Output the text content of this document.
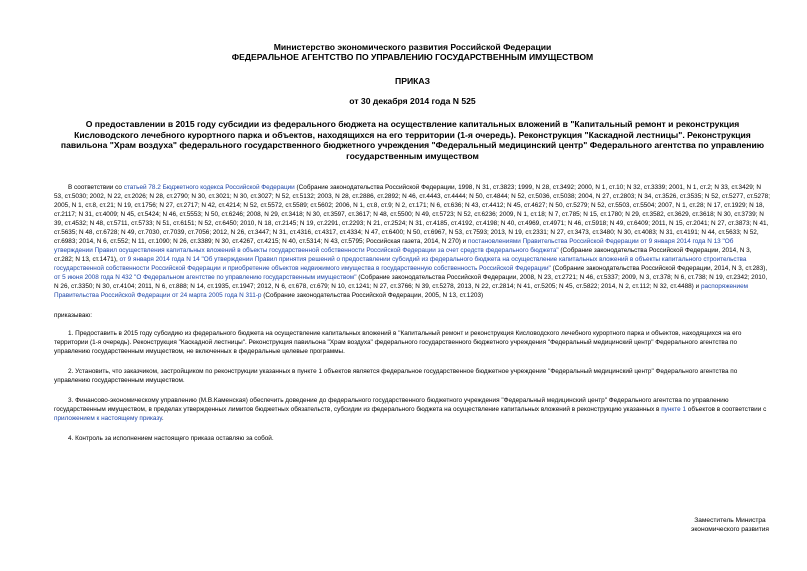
Министерство экономического развития Российской Федерации
ФЕДЕРАЛЬНОЕ АГЕНТСТВО ПО УПРАВЛЕНИЮ ГОСУДАРСТВЕННЫМ ИМУЩЕСТВОМ
ПРИКАЗ
от 30 декабря 2014 года N 525
О предоставлении в 2015 году субсидии из федерального бюджета на осуществление капитальных вложений в "Капитальный ремонт и реконструкция Кисловодского лечебного курортного парка и объектов, находящихся на его территории (1-я очередь). Реконструкция "Каскадной лестницы". Реконструкция павильона "Храм воздуха" федерального государственного бюджетного учреждения "Федеральный медицинский центр" Федерального агентства по управлению государственным имуществом

В соответствии со статьей 78.2 Бюджетного кодекса Российской Федерации (Собрание законодательства Российской Федерации, 1998, N 31, ст.3823; 1999, N 28, ст.3492; 2000, N 1, ст.10; N 32, ст.3339; 2001, N 1, ст.2; N 33, ст.3429; N 53, ст.5030; 2002, N 22, ст.2026; N 28, ст.2790; N 30, ст.3021; N 30, ст.3027; N 52, ст.5132; 2003, N 28, ст.2886, ст.2892; N 46, ст.4443, ст.4444; N 50, ст.4844; N 52, ст.5036, ст.5038; 2004, N 27, ст.2803; N 34, ст.3526, ст.3535; N 52, ст.5277, ст.5278; 2005, N 1, ст.8, ст.21; N 19, ст.1756; N 27, ст.2717; N 42, ст.4214; N 52, ст.5572, ст.5589; ст.5602; 2006, N 1, ст.8, ст.9; N 2, ст.171; N 6, ст.636; N 43, ст.4412; N 45, ст.4627; N 50, ст.5279; N 52, ст.5503, ст.5504; 2007, N 1, ст.28; N 17, ст.1929; N 18, ст.2117; N 31, ст.4009; N 45, ст.5424; N 46, ст.5553; N 50, ст.6246; 2008, N 29, ст.3418; N 30, ст.3597, ст.3617; N 48, ст.5500; N 49, ст.5723; N 52, ст.6236; 2009, N 1, ст.18; N 7, ст.785; N 15, ст.1780; N 29, ст.3582, ст.3629, ст.3618; N 30, ст.3739; N 39, ст.4532; N 48, ст.5711, ст.5733; N 51, ст.6151; N 52, ст.6450; 2010, N 18, ст.2145; N 19, ст.2291, ст.2293; N 21, ст.2524; N 31, ст.4185, ст.4192, ст.4198; N 40, ст.4969, ст.4971; N 46, ст.5918; N 49, ст.6409; 2011, N 15, ст.2041; N 27, ст.3873; N 41, ст.5635; N 48, ст.6728; N 49, ст.7030, ст.7039, ст.7056; 2012, N 26, ст.3447; N 31, ст.4316, ст.4317, ст.4334; N 47, ст.6400; N 50, ст.6967, N 53, ст.7593; 2013, N 19, ст.2331; N 27, ст.3473, ст.3480; N 30, ст.4083; N 31, ст.4191; N 44, ст.5633; N 52, ст.6983; 2014, N 6, ст.552; N 11, ст.1090; N 26, ст.3389; N 30, ст.4267, ст.4215; N 40, ст.5314; N 43, ст.5795; Российская газета, 2014, N 270) и постановлениями Правительства Российской Федерации от 9 января 2014 года N 13 "Об утверждении Правил осуществления капитальных вложений в объекты государственной собственности Российской Федерации за счет средств федерального бюджета" (Собрание законодательства Российской Федерации, 2014, N 3, ст.282; N 13, ст.1471), от 9 января 2014 года N 14 "Об утверждении Правил принятия решений о предоставлении субсидий из федерального бюджета на осуществление капитальных вложений в объекты капитального строительства государственной собственности Российской Федерации и приобретение объектов недвижимого имущества в государственную собственность Российской Федерации" (Собрание законодательства Российской Федерации, 2014, N 3, ст.283), от 5 июня 2008 года N 432 "О Федеральном агентстве по управлению государственным имуществом" (Собрание законодательства Российской Федерации, 2008, N 23, ст.2721; N 46, ст.5337; 2009, N 3, ст.378; N 6, ст.738; N 19, ст.2342; 2010, N 26, ст.3350; N 30, ст.4104; 2011, N 6, ст.888; N 14, ст.1935, ст.1947; 2012, N 6, ст.678, ст.679; N 10, ст.1241; N 27, ст.3766; N 39, ст.5278, 2013, N 22, ст.2814; N 41, ст.5205; N 45, ст.5822; 2014, N 2, ст.112; N 32, ст.4488) и распоряжением Правительства Российской Федерации от 24 марта 2005 года N 311-р (Собрание законодательства Российской Федерации, 2005, N 13, ст.1203)

приказываю:

1. Предоставить в 2015 году субсидию из федерального бюджета на осуществление капитальных вложений в "Капитальный ремонт и реконструкция Кисловодского лечебного курортного парка и объектов, находящихся на его территории (1-я очередь). Реконструкция "Каскадной лестницы". Реконструкция павильона "Храм воздуха" федерального государственного бюджетного учреждения "Федеральный медицинский центр" Федерального агентства по управлению государственным имуществом, не включенных в федеральные целевые программы.

2. Установить, что заказчиком, застройщиком по реконструкции указанных в пункте 1 объектов является федеральное государственное бюджетное учреждение "Федеральный медицинский центр" Федерального агентства по управлению государственным имуществом.

3. Финансово-экономическому управлению (М.В.Каменская) обеспечить доведение до федерального государственного бюджетного учреждения "Федеральный медицинский центр" Федерального агентства по управлению государственным имуществом, в пределах утвержденных лимитов бюджетных обязательств, субсидии из федерального бюджета на осуществление капитальных вложений в реконструкцию указанных в пункте 1 объектов в соответствии с приложением к настоящему приказу.

4. Контроль за исполнением настоящего приказа оставляю за собой.

Заместитель Министра
экономического развития
